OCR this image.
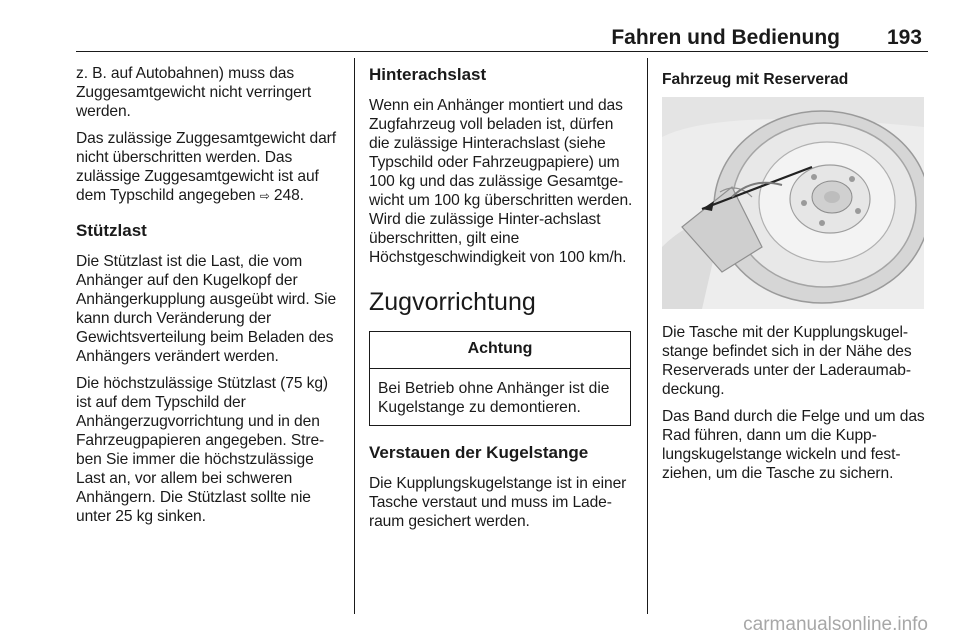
Fahren und Bedienung 193

z. B. auf Autobahnen) muss das Zuggesamtgewicht nicht verringert werden.

Das zulässige Zuggesamtgewicht darf nicht überschritten werden. Das zulässige Zuggesamtgewicht ist auf dem Typschild angegeben ⇨ 248.

Stützlast

Die Stützlast ist die Last, die vom Anhänger auf den Kugelkopf der Anhängerkupplung ausgeübt wird. Sie kann durch Veränderung der Gewichtsverteilung beim Beladen des Anhängers verändert werden.

Die höchstzulässige Stützlast (75 kg) ist auf dem Typschild der Anhängerzugvorrichtung und in den Fahrzeugpapieren angegeben. Stre-ben Sie immer die höchstzulässige Last an, vor allem bei schweren Anhängern. Die Stützlast sollte nie unter 25 kg sinken.

Hinterachslast

Wenn ein Anhänger montiert und das Zugfahrzeug voll beladen ist, dürfen die zulässige Hinterachslast (siehe Typschild oder Fahrzeugpapiere) um 100 kg und das zulässige Gesamtge-wicht um 100 kg überschritten werden. Wird die zulässige Hinter-achslast überschritten, gilt eine Höchstgeschwindigkeit von 100 km/h.

Zugvorrichtung
Achtung
Bei Betrieb ohne Anhänger ist die Kugelstange zu demontieren.
Verstauen der Kugelstange

Die Kupplungskugelstange ist in einer Tasche verstaut und muss im Lade-raum gesichert werden.

Fahrzeug mit Reserverad

Die Tasche mit der Kupplungskugel-stange befindet sich in der Nähe des Reserverads unter der Laderaumab-deckung.

Das Band durch die Felge und um das Rad führen, dann um die Kupp-lungskugelstange wickeln und fest-ziehen, um die Tasche zu sichern.

carmanualsonline.info
